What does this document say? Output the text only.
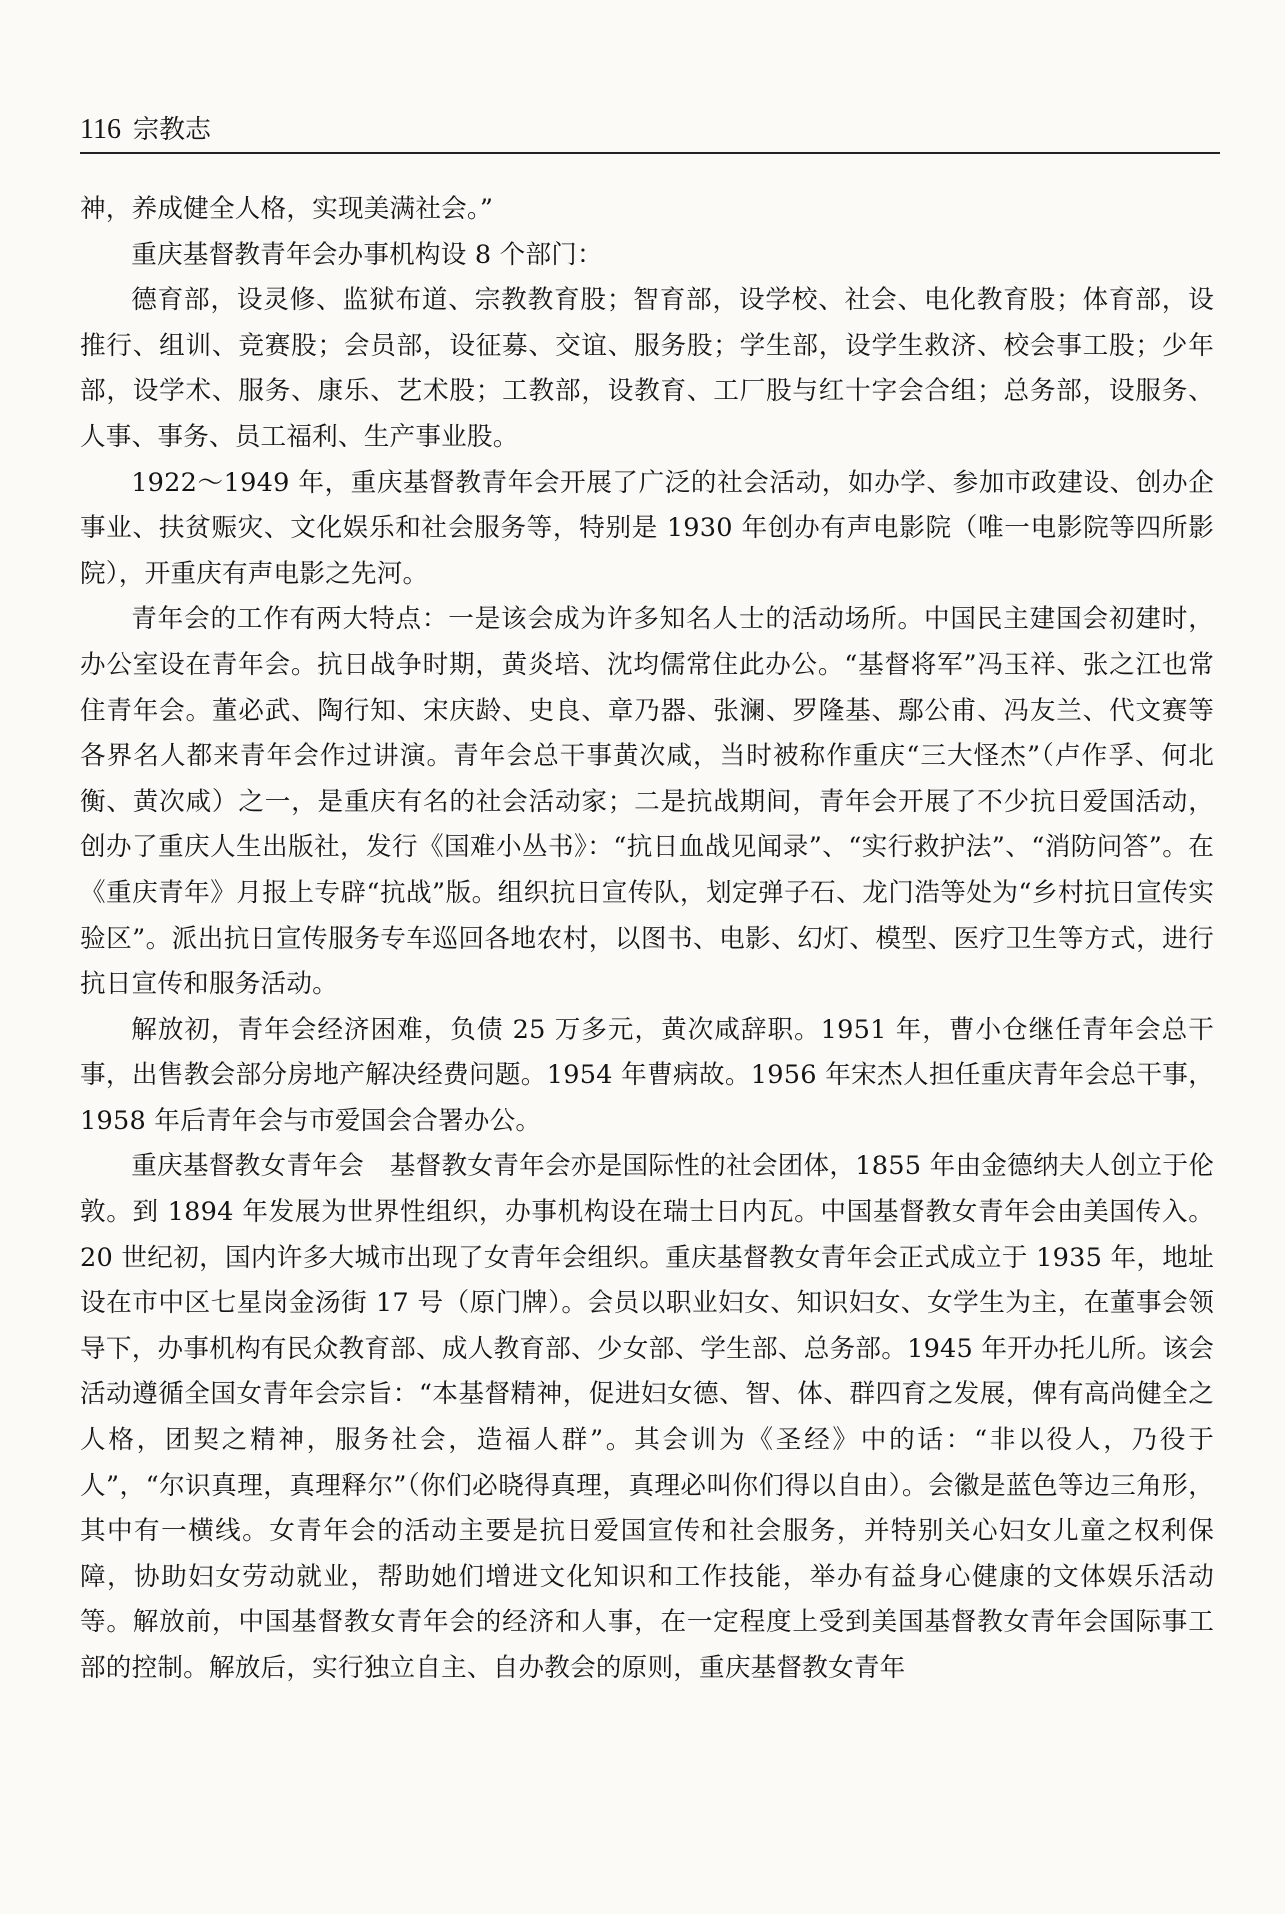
116 宗教志

神，养成健全人格，实现美满社会。”

重庆基督教青年会办事机构设 8 个部门：

德育部，设灵修、监狱布道、宗教教育股；智育部，设学校、社会、电化教育股；体育部，设推行、组训、竞赛股；会员部，设征募、交谊、服务股；学生部，设学生救济、校会事工股；少年部，设学术、服务、康乐、艺术股；工教部，设教育、工厂股与红十字会合组；总务部，设服务、人事、事务、员工福利、生产事业股。

1922～1949 年，重庆基督教青年会开展了广泛的社会活动，如办学、参加市政建设、创办企事业、扶贫赈灾、文化娱乐和社会服务等，特别是 1930 年创办有声电影院（唯一电影院等四所影院），开重庆有声电影之先河。

青年会的工作有两大特点：一是该会成为许多知名人士的活动场所。中国民主建国会初建时，办公室设在青年会。抗日战争时期，黄炎培、沈均儒常住此办公。“基督将军”冯玉祥、张之江也常住青年会。董必武、陶行知、宋庆龄、史良、章乃器、张澜、罗隆基、鄢公甫、冯友兰、代文赛等各界名人都来青年会作过讲演。青年会总干事黄次咸，当时被称作重庆“三大怪杰”（卢作孚、何北衡、黄次咸）之一，是重庆有名的社会活动家；二是抗战期间，青年会开展了不少抗日爱国活动，创办了重庆人生出版社，发行《国难小丛书》：“抗日血战见闻录”、“实行救护法”、“消防问答”。在《重庆青年》月报上专辟“抗战”版。组织抗日宣传队，划定弹子石、龙门浩等处为“乡村抗日宣传实验区”。派出抗日宣传服务专车巡回各地农村，以图书、电影、幻灯、模型、医疗卫生等方式，进行抗日宣传和服务活动。

解放初，青年会经济困难，负债 25 万多元，黄次咸辞职。1951 年，曹小仓继任青年会总干事，出售教会部分房地产解决经费问题。1954 年曹病故。1956 年宋杰人担任重庆青年会总干事，1958 年后青年会与市爱国会合署办公。

重庆基督教女青年会　基督教女青年会亦是国际性的社会团体，1855 年由金德纳夫人创立于伦敦。到 1894 年发展为世界性组织，办事机构设在瑞士日内瓦。中国基督教女青年会由美国传入。20 世纪初，国内许多大城市出现了女青年会组织。重庆基督教女青年会正式成立于 1935 年，地址设在市中区七星岗金汤街 17 号（原门牌）。会员以职业妇女、知识妇女、女学生为主，在董事会领导下，办事机构有民众教育部、成人教育部、少女部、学生部、总务部。1945 年开办托儿所。该会活动遵循全国女青年会宗旨：“本基督精神，促进妇女德、智、体、群四育之发展，俾有高尚健全之人格，团契之精神，服务社会，造福人群”。其会训为《圣经》中的话：“非以役人，乃役于人”，“尔识真理，真理释尔”（你们必晓得真理，真理必叫你们得以自由）。会徽是蓝色等边三角形，其中有一横线。女青年会的活动主要是抗日爱国宣传和社会服务，并特别关心妇女儿童之权利保障，协助妇女劳动就业，帮助她们增进文化知识和工作技能，举办有益身心健康的文体娱乐活动等。解放前，中国基督教女青年会的经济和人事，在一定程度上受到美国基督教女青年会国际事工部的控制。解放后，实行独立自主、自办教会的原则，重庆基督教女青年
